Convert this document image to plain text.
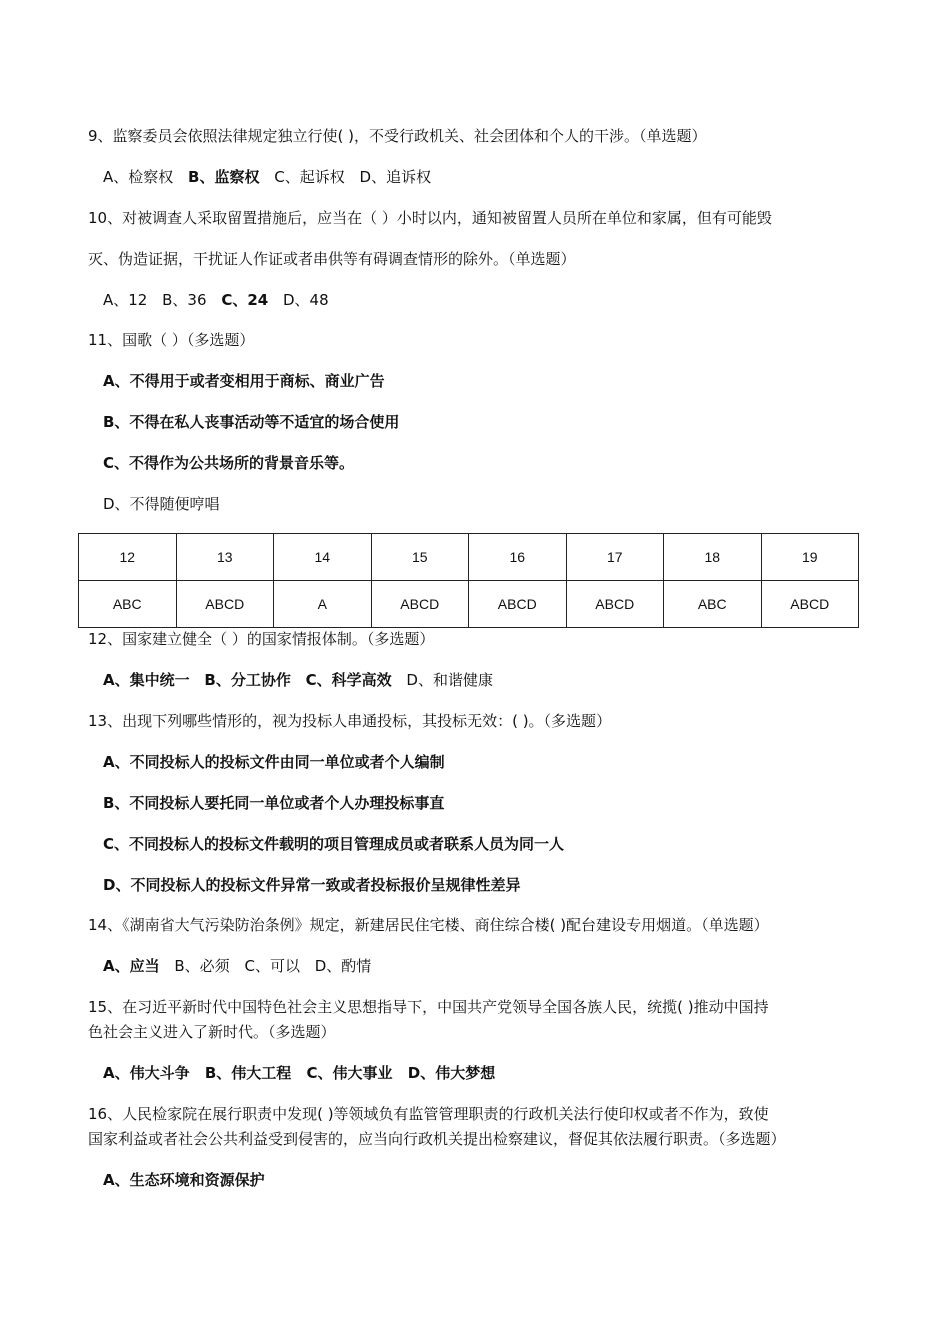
9、监察委员会依照法律规定独立行使( )，不受行政机关、社会团体和个人的干涉。（单选题）
A、检察权 B、监察权 C、起诉权 D、追诉权
10、对被调查人采取留置措施后，应当在（ ）小时以内，通知被留置人员所在单位和家属，但有可能毁
灭、伪造证据，干扰证人作证或者串供等有碍调查情形的除外。（单选题）
A、12 B、36 C、24 D、48
11、国歌（ ）（多选题）
A、不得用于或者变相用于商标、商业广告
B、不得在私人丧事活动等不适宜的场合使用
C、不得作为公共场所的背景音乐等。
D、不得随便哼唱
12	13	14	15	16	17	18	19
ABC	ABCD	A	ABCD	ABCD	ABCD	ABC	ABCD
12、国家建立健全（ ）的国家情报体制。（多选题）
A、集中统一 B、分工协作 C、科学高效 D、和谐健康
13、出现下列哪些情形的，视为投标人串通投标，其投标无效：( )。（多选题）
A、不同投标人的投标文件由同一单位或者个人编制
B、不同投标人要托同一单位或者个人办理投标事直
C、不同投标人的投标文件载明的项目管理成员或者联系人员为同一人
D、不同投标人的投标文件异常一致或者投标报价呈规律性差异
14、《湖南省大气污染防治条例》规定，新建居民住宅楼、商住综合楼( )配台建设专用烟道。（单选题）
A、应当 B、必须 C、可以 D、酌情
15、在习近平新时代中国特色社会主义思想指导下，中国共产党领导全国各族人民，统揽( )推动中国持
色社会主义进入了新时代。（多选题）
A、伟大斗争 B、伟大工程 C、伟大事业 D、伟大梦想
16、人民检家院在展行职责中发现( )等领域负有监管管理职责的行政机关法行使印权或者不作为，致使
国家利益或者社会公共利益受到侵害的，应当向行政机关提出检察建议，督促其依法履行职责。（多选题）
A、生态环境和资源保护
